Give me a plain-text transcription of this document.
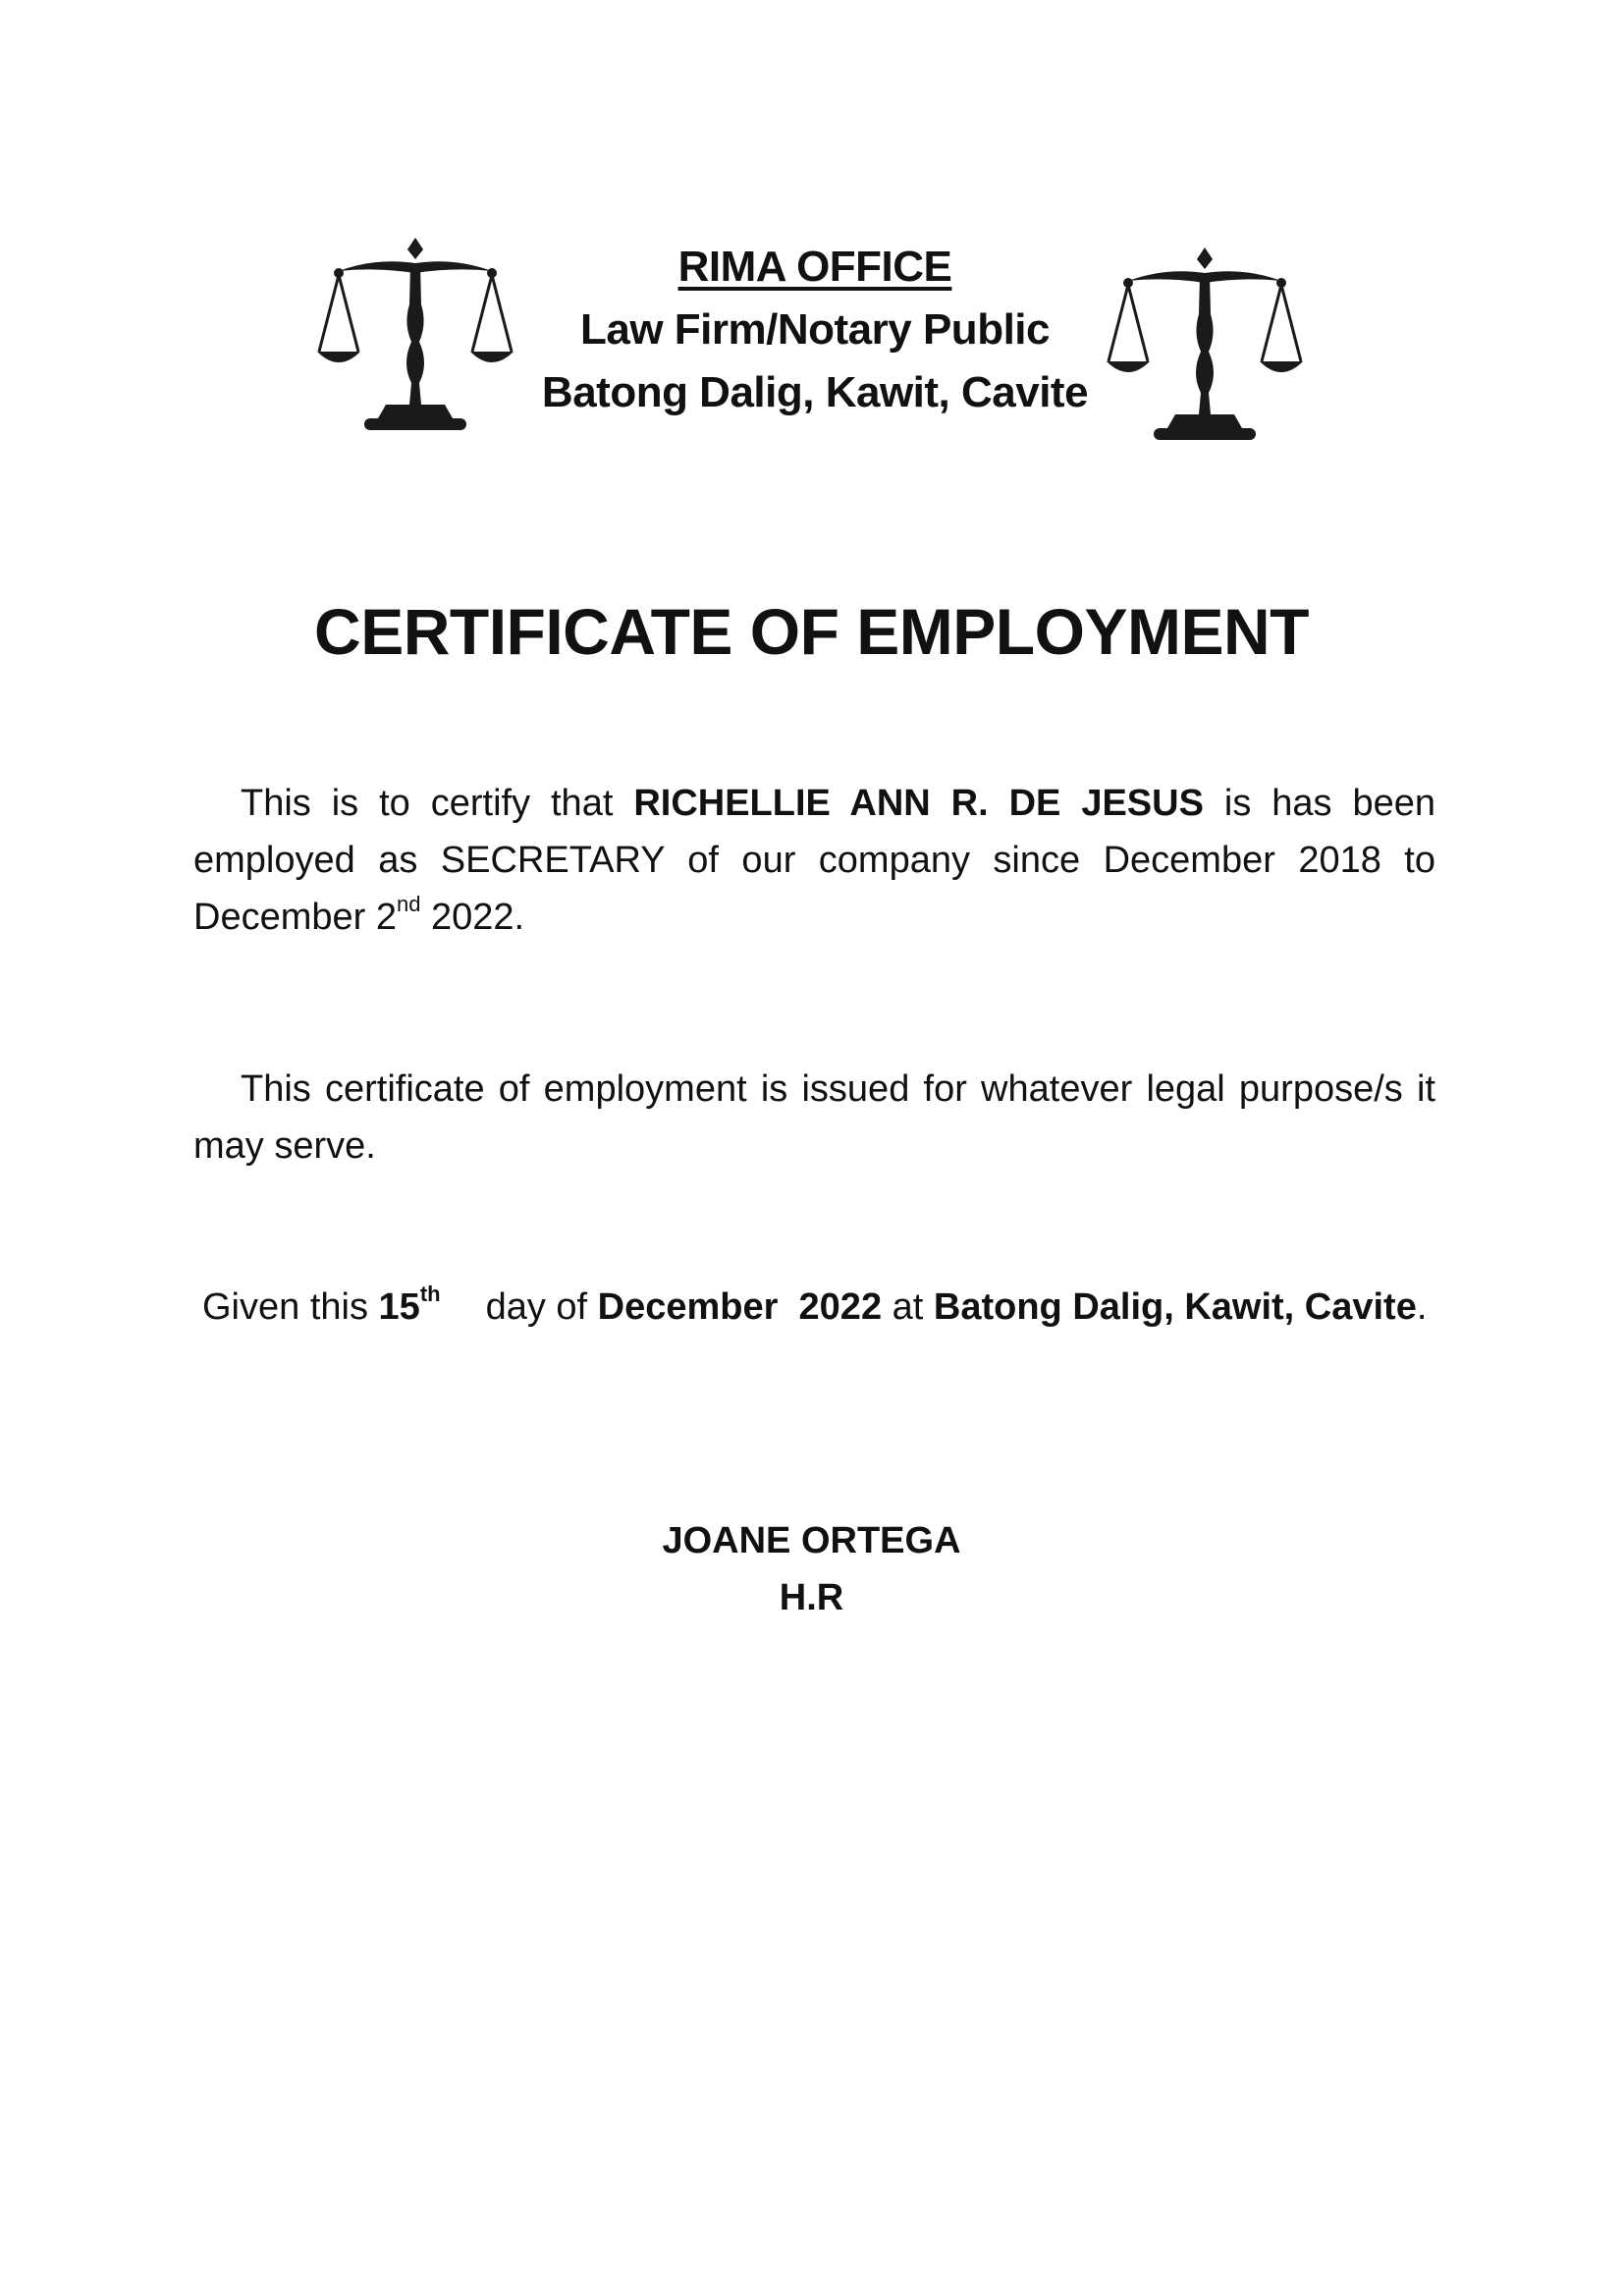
RIMA OFFICE
Law Firm/Notary Public
Batong Dalig, Kawit, Cavite
CERTIFICATE OF EMPLOYMENT
This is to certify that RICHELLIE ANN R. DE JESUS is has been employed as SECRETARY of our company since December 2018 to December 2nd 2022.
This certificate of employment is issued for whatever legal purpose/s it may serve.
Given this 15th day of December  2022 at Batong Dalig, Kawit, Cavite.
JOANE ORTEGA
H.R
